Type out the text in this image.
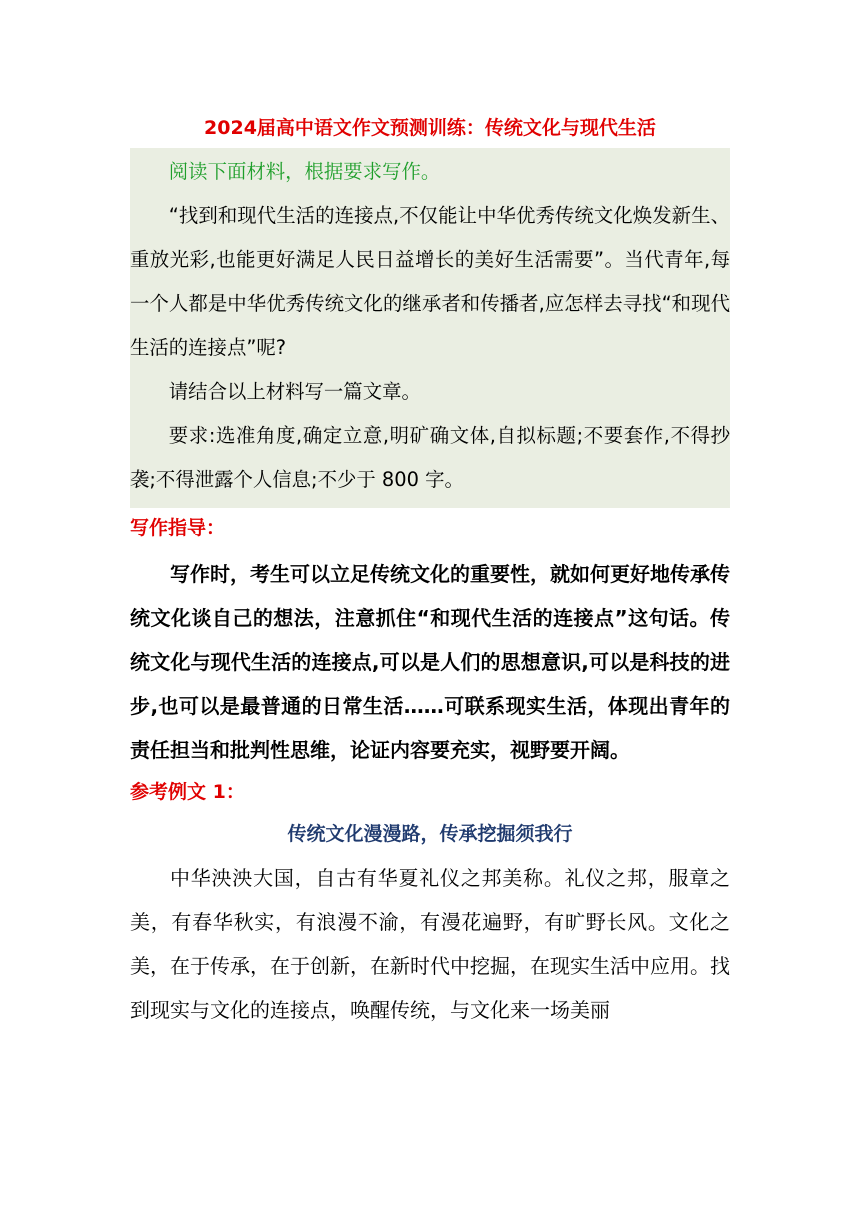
2024届高中语文作文预测训练：传统文化与现代生活

阅读下面材料，根据要求写作。

“找到和现代生活的连接点,不仅能让中华优秀传统文化焕发新生、重放光彩,也能更好满足人民日益增长的美好生活需要”。当代青年,每一个人都是中华优秀传统文化的继承者和传播者,应怎样去寻找“和现代生活的连接点”呢?

请结合以上材料写一篇文章。

要求:选准角度,确定立意,明矿确文体,自拟标题;不要套作,不得抄袭;不得泄露个人信息;不少于 800 字。

写作指导：

写作时，考生可以立足传统文化的重要性，就如何更好地传承传统文化谈自己的想法，注意抓住“和现代生活的连接点”这句话。传统文化与现代生活的连接点,可以是人们的思想意识,可以是科技的进步,也可以是最普通的日常生活……可联系现实生活，体现出青年的责任担当和批判性思维，论证内容要充实，视野要开阔。

参考例文 1：
传统文化漫漫路，传承挖掘须我行

中华泱泱大国，自古有华夏礼仪之邦美称。礼仪之邦，服章之美，有春华秋实，有浪漫不渝，有漫花遍野，有旷野长风。文化之美，在于传承，在于创新，在新时代中挖掘，在现实生活中应用。找到现实与文化的连接点，唤醒传统，与文化来一场美丽
